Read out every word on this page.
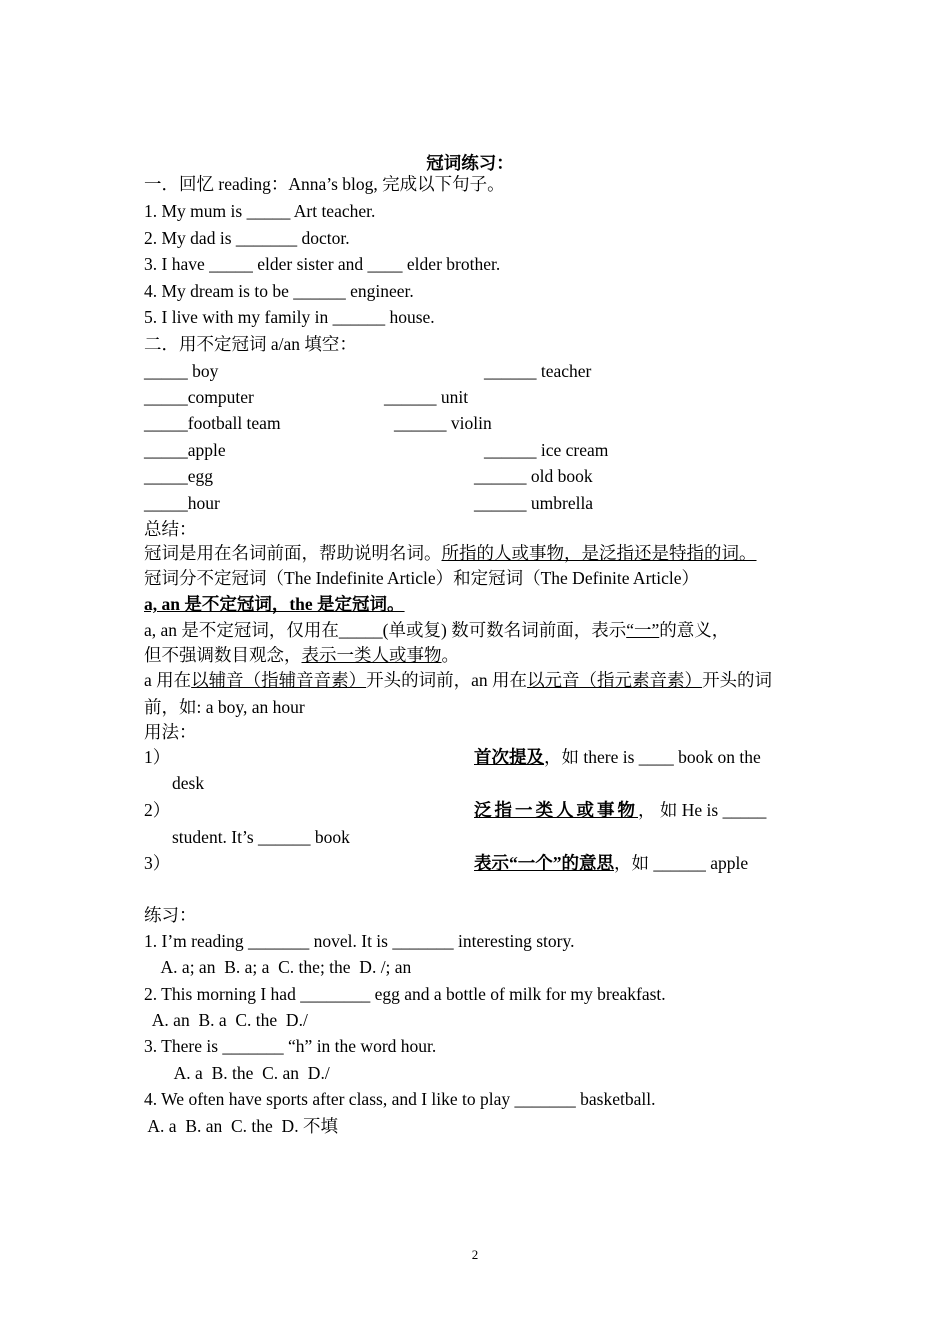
冠词练习：
一．回忆 reading：Anna’s blog, 完成以下句子。
1. My mum is _____ Art teacher.
2. My dad is _______ doctor.
3. I have _____ elder sister and ____ elder brother.
4. My dream is to be ______ engineer.
5. I live with my family in ______ house.
二．用不定冠词 a/an 填空：
_____ boy	______ teacher
_____computer	______ unit
_____football team	______ violin
_____apple	______ ice cream
_____egg	______ old book
_____hour	______ umbrella
总结：
冠词是用在名词前面，帮助说明名词。所指的人或事物，是泛指还是特指的词。
冠词分不定冠词（The Indefinite Article）和定冠词（The Definite Article）
a, an 是不定冠词，the 是定冠词。
a, an 是不定冠词，仅用在_____(单或复) 数可数名词前面，表示“一”的意义，
但不强调数目观念，表示一类人或事物。
a 用在以辅音（指辅音音素）开头的词前，an 用在以元音（指元素音素）开头的词
前，如: a boy, an hour
用法：
1）	首次提及，如 there is ____ book on the
desk
2）	泛指一类人或事物， 如 He is _____
student. It’s ______ book
3）	表示“一个”的意思，如 ______ apple
练习：
1. I’m reading _______ novel. It is _______ interesting story.
A. a; an  B. a; a  C. the; the  D. /; an
2. This morning I had ________ egg and a bottle of milk for my breakfast.
A. an  B. a  C. the  D./
3. There is _______ “h” in the word hour.
A. a  B. the  C. an  D./
4. We often have sports after class, and I like to play _______ basketball.
A. a  B. an  C. the  D. 不填
2
